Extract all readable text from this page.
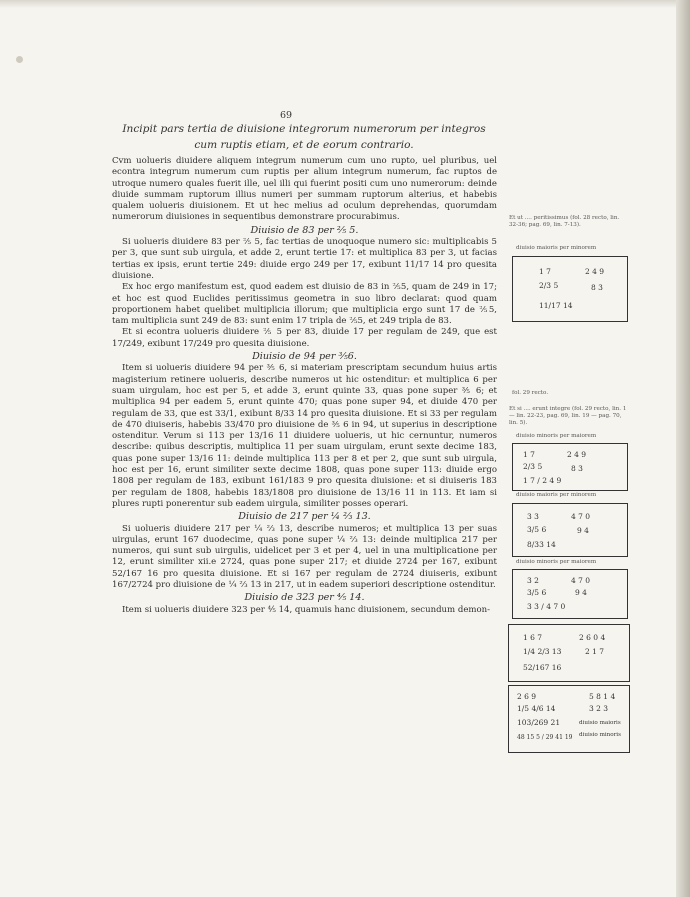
69
Incipit pars tertia de diuisione integrorum numerorum per integros
cum ruptis etiam, et de eorum contrario.

Cvm uolueris diuidere aliquem integrum numerum cum uno rupto, uel pluribus, uel econtra integrum numerum cum ruptis per alium integrum numerum, fac ruptos de utroque numero quales fuerit ille, uel illi qui fuerint positi cum uno numerorum: deinde diuide summam ruptorum illius numeri per summam ruptorum alterius, et habebis qualem uolueris diuisionem. Et ut hec melius ad oculum deprehendas, quorumdam numerorum diuisiones in sequentibus demonstrare procurabimus.

Diuisio de 83 per ⅖ 5.

Si uolueris diuidere 83 per ⅖ 5, fac tertias de unoquoque numero sic: multiplicabis 5 per 3, que sunt sub uirgula, et adde 2, erunt tertie 17: et multiplica 83 per 3, ut facias tertias ex ipsis, erunt tertie 249: diuide ergo 249 per 17, exibunt 11/17 14 pro quesita diuisione.

Ex hoc ergo manifestum est, quod eadem est diuisio de 83 in ⅖5, quam de 249 in 17; et hoc est quod Euclides peritissimus geometra in suo libro declarat: quod quam proportionem habet quelibet multiplicia illorum; que multiplicia ergo sunt 17 de ⅖5, tam multiplicia sunt 249 de 83: sunt enim 17 tripla de ⅖5, et 249 tripla de 83.

Et si econtra uolueris diuidere ⅖ 5 per 83, diuide 17 per regulam de 249, que est 17/249, exibunt 17/249 pro quesita diuisione.

Diuisio de 94 per ⅗6.

Item si uolueris diuidere 94 per ⅗ 6, si materiam prescriptam secundum huius artis magisterium retinere uolueris, describe numeros ut hic ostenditur: et multiplica 6 per suam uirgulam, hoc est per 5, et adde 3, erunt quinte 33, quas pone super ⅗ 6; et multiplica 94 per eadem 5, erunt quinte 470; quas pone super 94, et diuide 470 per regulam de 33, que est 33/1, exibunt 8/33 14 pro quesita diuisione. Et si 33 per regulam de 470 diuiseris, habebis 33/470 pro diuisione de ⅗ 6 in 94, ut superius in descriptione ostenditur. Verum si 113 per 13/16 11 diuidere uolueris, ut hic cernuntur, numeros describe: quibus descriptis, multiplica 11 per suam uirgulam, erunt sexte decime 183, quas pone super 13/16 11: deinde multiplica 113 per 8 et per 2, que sunt sub uirgula, hoc est per 16, erunt similiter sexte decime 1808, quas pone super 113: diuide ergo 1808 per regulam de 183, exibunt 161/183 9 pro quesita diuisione: et si diuiseris 183 per regulam de 1808, habebis 183/1808 pro diuisione de 13/16 11 in 113. Et iam si plures rupti ponerentur sub eadem uirgula, similiter posses operari.

Diuisio de 217 per ¼ ⅔ 13.

Si uolueris diuidere 217 per ¼ ⅔ 13, describe numeros; et multiplica 13 per suas uirgulas, erunt 167 duodecime, quas pone super ¼ ⅔ 13: deinde multiplica 217 per numeros, qui sunt sub uirgulis, uidelicet per 3 et per 4, uel in una multiplicatione per 12, erunt similiter xii.e 2724, quas pone super 217; et diuide 2724 per 167, exibunt 52/167 16 pro quesita diuisione. Et si 167 per regulam de 2724 diuiseris, exibunt 167/2724 pro diuisione de ¼ ⅔ 13 in 217, ut in eadem superiori descriptione ostenditur.

Diuisio de 323 per ⅘ 14.

Item si uolueris diuidere 323 per ⅘ 14, quamuis hanc diuisionem, secundum demon-

Et ut .... peritissimus (fol. 28 recto, lin. 32-36; pag. 69, lin. 7-13).
diuisio maioris per minorem
1 7	2 4 9
2/3 5	8 3
11/17 14
fol. 29 recto.
Et si .... erunt integre (fol. 29 recto, lin. 1 — lin. 22-23, pag. 69, lin. 19 — pag. 70, lin. 5).
diuisio minoris per maiorem
1 7	2 4 9
2/3 5	8 3
1 7 / 2 4 9
diuisio maioris per minorem
3 3	4 7 0
3/5 6	9 4
8/33 14
diuisio minoris per maiorem
3 2	4 7 0
3/5 6	9 4
3 3 / 4 7 0
1 6 7	2 6 0 4
1/4 2/3 13	2 1 7
52/167 16
2 6 9	5 8 1 4
1/5 4/6 14	3 2 3
103/269 21	diuisio maioris
diuisio minoris
48 15 5 / 29 41 19
